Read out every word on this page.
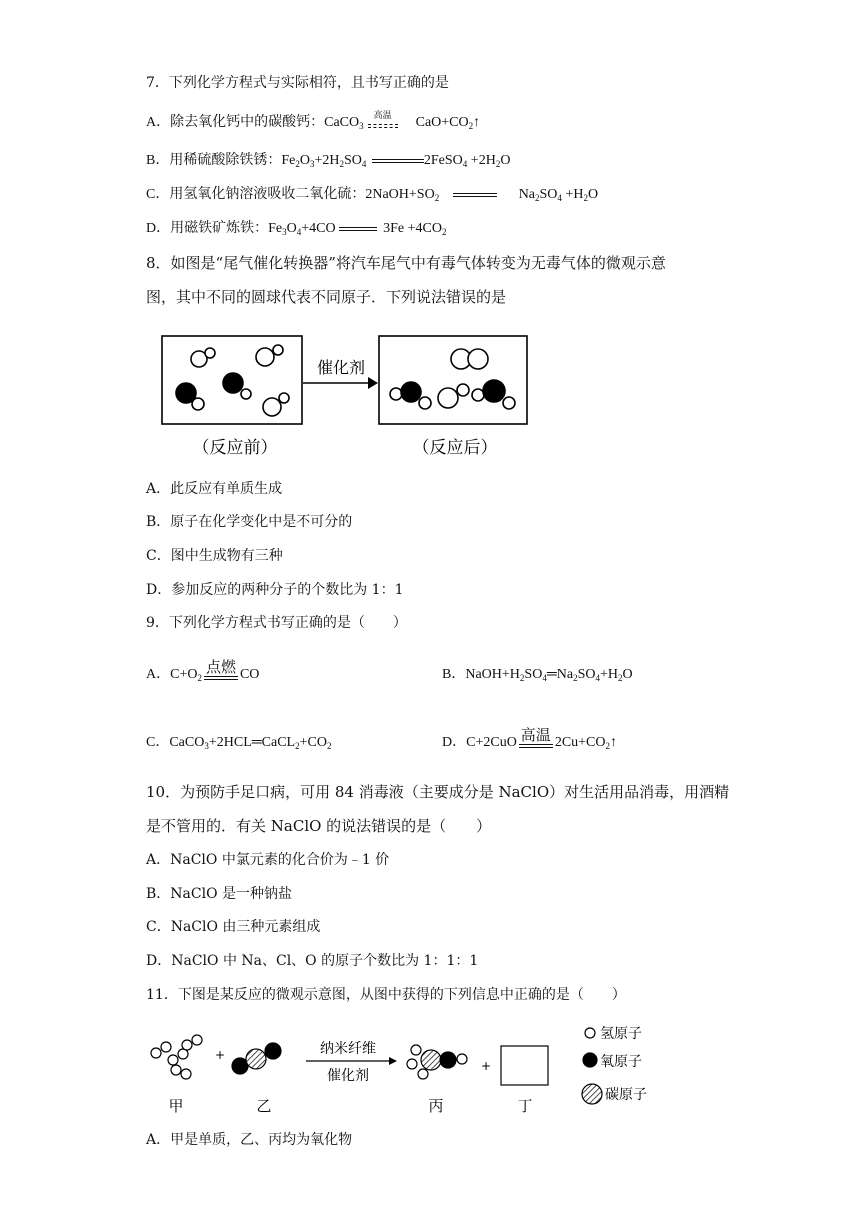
7．下列化学方程式与实际相符，且书写正确的是
A．除去氧化钙中的碳酸钙：CaCO$_3$
高温	$CaO+CO_2↑$
B．用稀硫酸除铁锈：$Fe_2O_3+2H_2SO_4$	2FeSO$_4$ $+2H_2O$
C．用氢氧化钠溶液吸收二氧化硫：$2NaOH+SO_2$	$Na_2SO_4 +H_2O$
D．用磁铁矿炼铁：$Fe_3O_4+4CO$	$3Fe +4CO_2$
8．如图是“尾气催化转换器”将汽车尾气中有毒气体转变为无毒气体的微观示意
图，其中不同的圆球代表不同原子．下列说法错误的是
催化剂
（反应前）	（反应后）
A．此反应有单质生成
B．原子在化学变化中是不可分的
C．图中生成物有三种
D．参加反应的两种分子的个数比为 1：1
9．下列化学方程式书写正确的是（　　）
A．$C+O_2$
点燃 CO	B．$NaOH+H_2SO_4═Na_2SO_4+H_2O$
C．$CaCO_3+2HCL═CaCL_2+CO_2$	D．C+2CuO 高温 $2Cu+CO_2↑$
10．为预防手足口病，可用 84 消毒液（主要成分是 NaClO）对生活用品消毒，用酒精
是不管用的．有关 NaClO 的说法错误的是（　　）
A．NaClO 中氯元素的化合价为﹣1 价
B．NaClO 是一种钠盐
C．NaClO 由三种元素组成
D．NaClO 中 Na、Cl、O 的原子个数比为 1：1：1
11．下图是某反应的微观示意图，从图中获得的下列信息中正确的是（　　）
+
+
纳米纤维
催化剂
甲	乙	丙	丁
氢原子
氧原子
碳原子
A．甲是单质，乙、丙均为氧化物
